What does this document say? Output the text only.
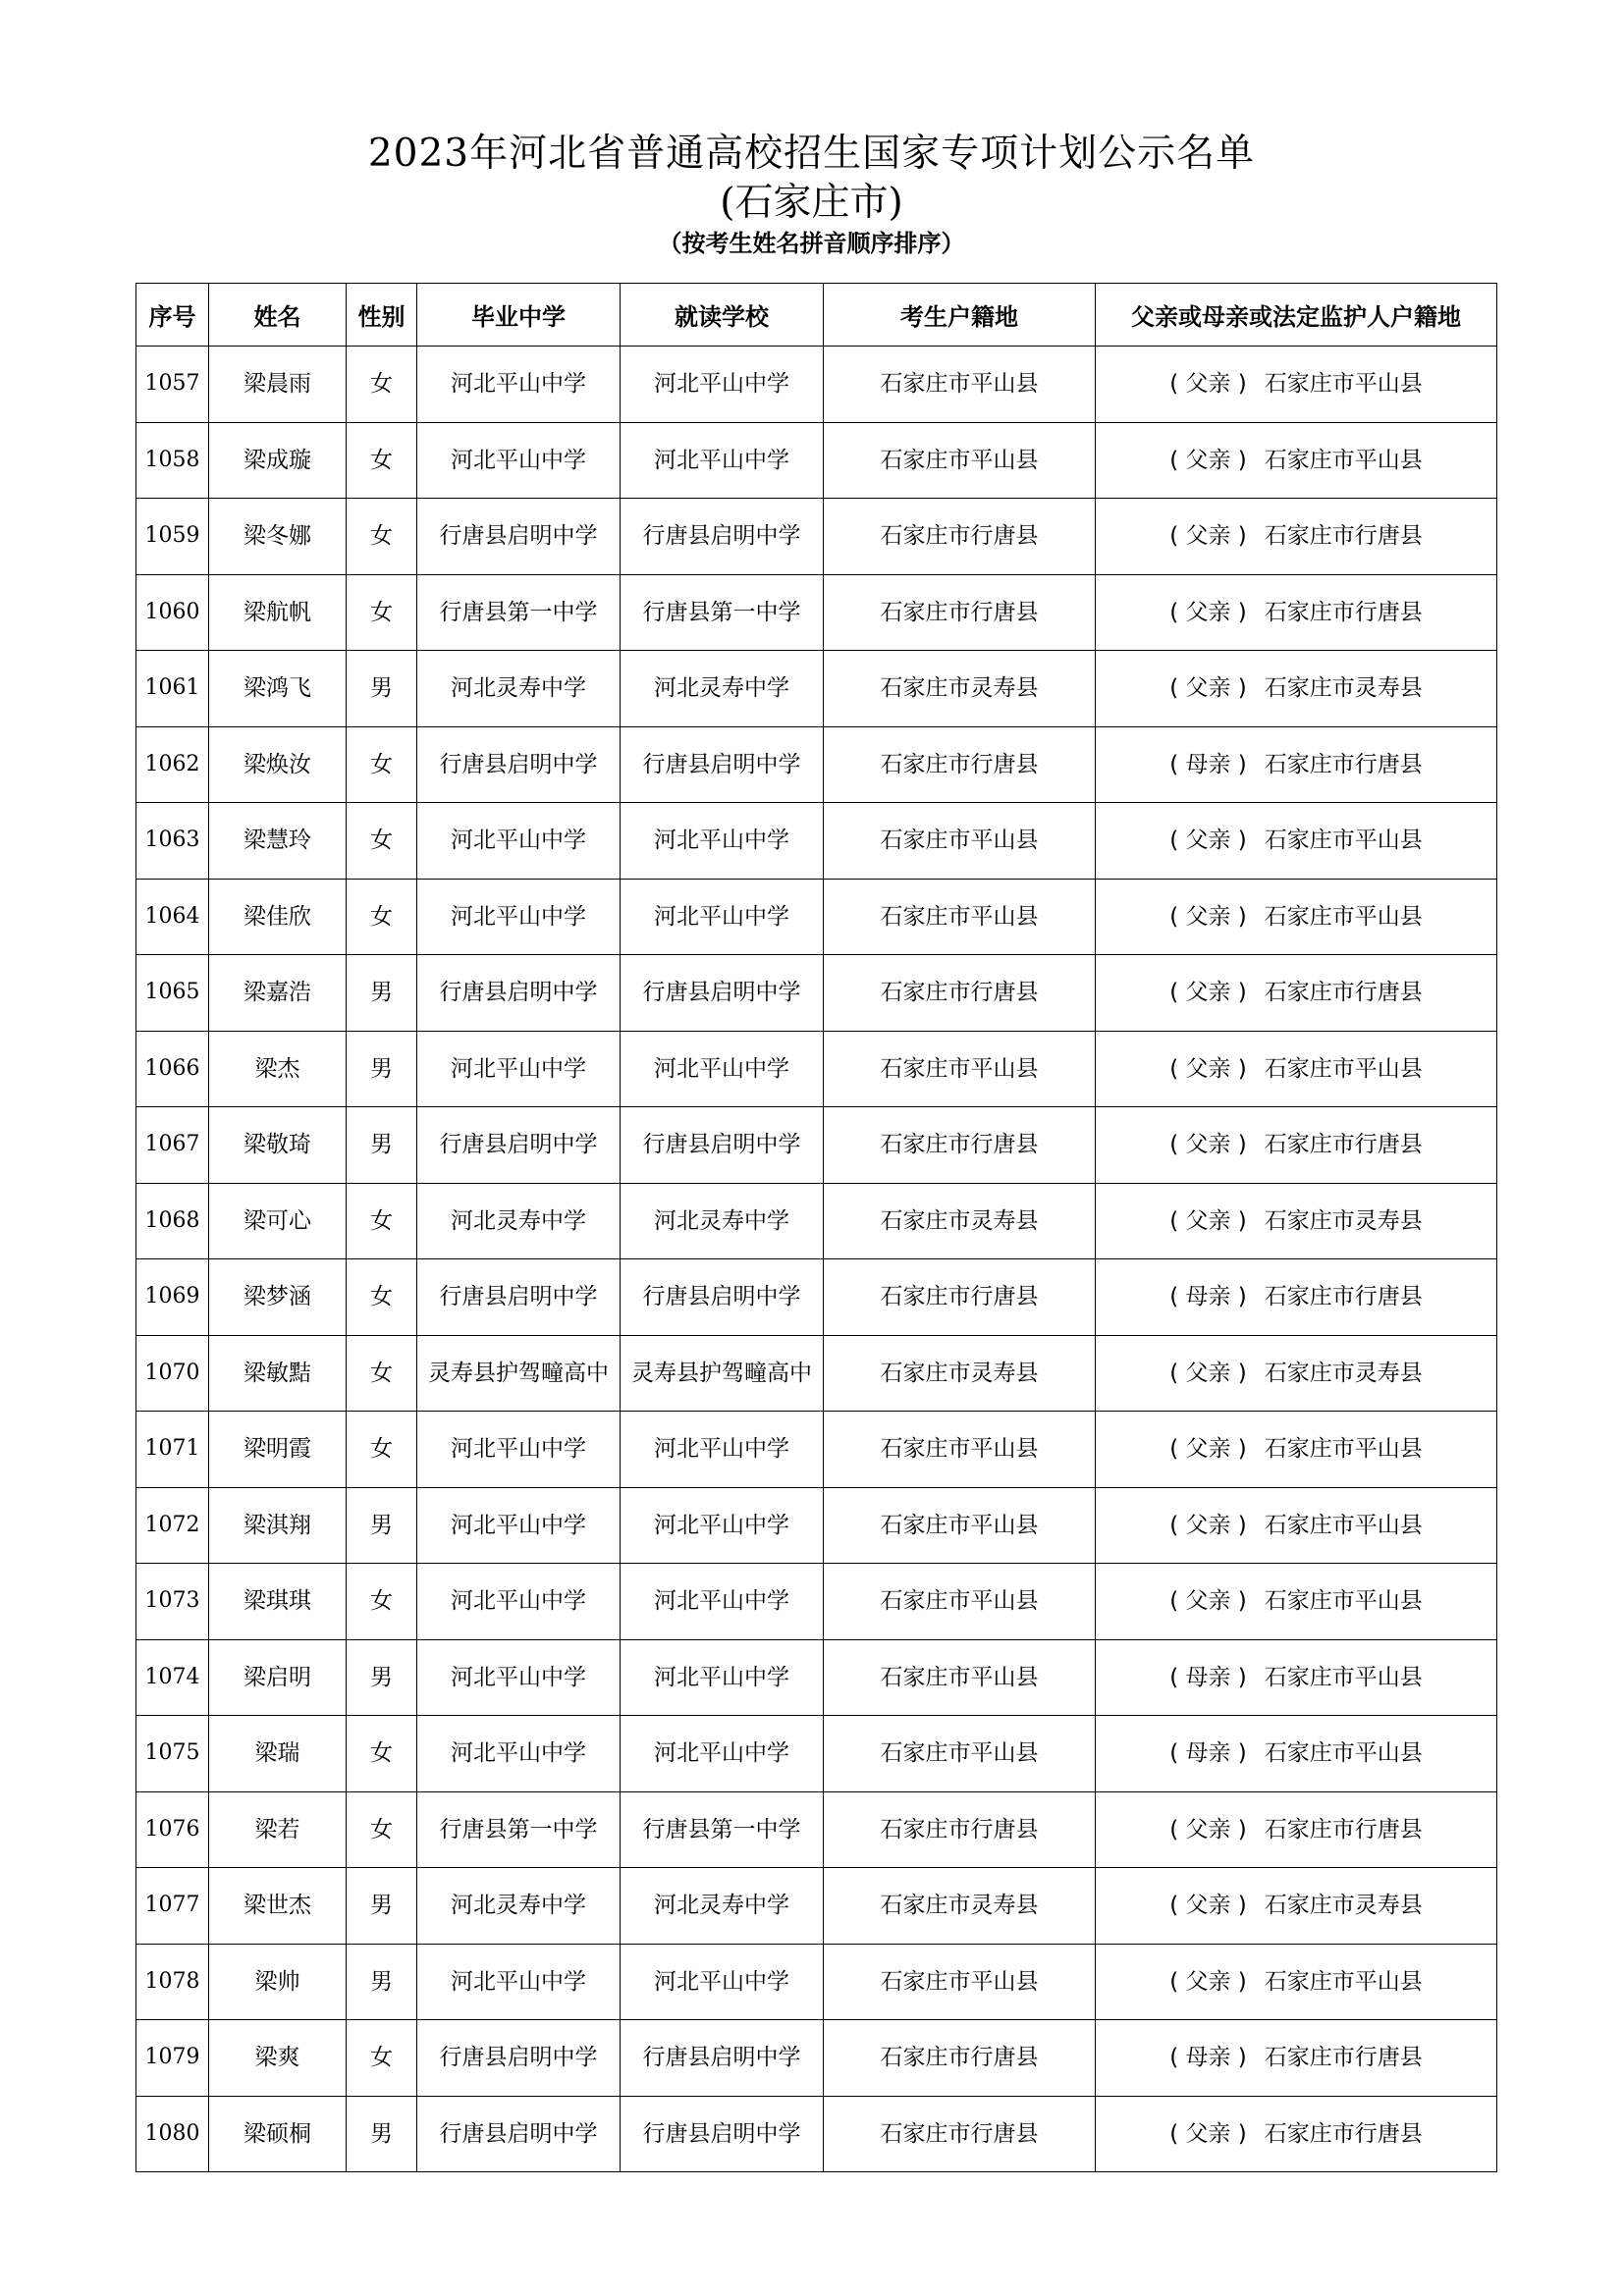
2023年河北省普通高校招生国家专项计划公示名单
(石家庄市)
（按考生姓名拼音顺序排序）
序号	姓名	性别	毕业中学	就读学校	考生户籍地	父亲或母亲或法定监护人户籍地
1057	梁晨雨	女	河北平山中学	河北平山中学	石家庄市平山县	( 父亲 ) 石家庄市平山县
1058	梁成璇	女	河北平山中学	河北平山中学	石家庄市平山县	( 父亲 ) 石家庄市平山县
1059	梁冬娜	女	行唐县启明中学	行唐县启明中学	石家庄市行唐县	( 父亲 ) 石家庄市行唐县
1060	梁航帆	女	行唐县第一中学	行唐县第一中学	石家庄市行唐县	( 父亲 ) 石家庄市行唐县
1061	梁鸿飞	男	河北灵寿中学	河北灵寿中学	石家庄市灵寿县	( 父亲 ) 石家庄市灵寿县
1062	梁焕汝	女	行唐县启明中学	行唐县启明中学	石家庄市行唐县	( 母亲 ) 石家庄市行唐县
1063	梁慧玲	女	河北平山中学	河北平山中学	石家庄市平山县	( 父亲 ) 石家庄市平山县
1064	梁佳欣	女	河北平山中学	河北平山中学	石家庄市平山县	( 父亲 ) 石家庄市平山县
1065	梁嘉浩	男	行唐县启明中学	行唐县启明中学	石家庄市行唐县	( 父亲 ) 石家庄市行唐县
1066	梁杰	男	河北平山中学	河北平山中学	石家庄市平山县	( 父亲 ) 石家庄市平山县
1067	梁敬琦	男	行唐县启明中学	行唐县启明中学	石家庄市行唐县	( 父亲 ) 石家庄市行唐县
1068	梁可心	女	河北灵寿中学	河北灵寿中学	石家庄市灵寿县	( 父亲 ) 石家庄市灵寿县
1069	梁梦涵	女	行唐县启明中学	行唐县启明中学	石家庄市行唐县	( 母亲 ) 石家庄市行唐县
1070	梁敏黠	女	灵寿县护驾疃高中	灵寿县护驾疃高中	石家庄市灵寿县	( 父亲 ) 石家庄市灵寿县
1071	梁明霞	女	河北平山中学	河北平山中学	石家庄市平山县	( 父亲 ) 石家庄市平山县
1072	梁淇翔	男	河北平山中学	河北平山中学	石家庄市平山县	( 父亲 ) 石家庄市平山县
1073	梁琪琪	女	河北平山中学	河北平山中学	石家庄市平山县	( 父亲 ) 石家庄市平山县
1074	梁启明	男	河北平山中学	河北平山中学	石家庄市平山县	( 母亲 ) 石家庄市平山县
1075	梁瑞	女	河北平山中学	河北平山中学	石家庄市平山县	( 母亲 ) 石家庄市平山县
1076	梁若	女	行唐县第一中学	行唐县第一中学	石家庄市行唐县	( 父亲 ) 石家庄市行唐县
1077	梁世杰	男	河北灵寿中学	河北灵寿中学	石家庄市灵寿县	( 父亲 ) 石家庄市灵寿县
1078	梁帅	男	河北平山中学	河北平山中学	石家庄市平山县	( 父亲 ) 石家庄市平山县
1079	梁爽	女	行唐县启明中学	行唐县启明中学	石家庄市行唐县	( 母亲 ) 石家庄市行唐县
1080	梁硕桐	男	行唐县启明中学	行唐县启明中学	石家庄市行唐县	( 父亲 ) 石家庄市行唐县
